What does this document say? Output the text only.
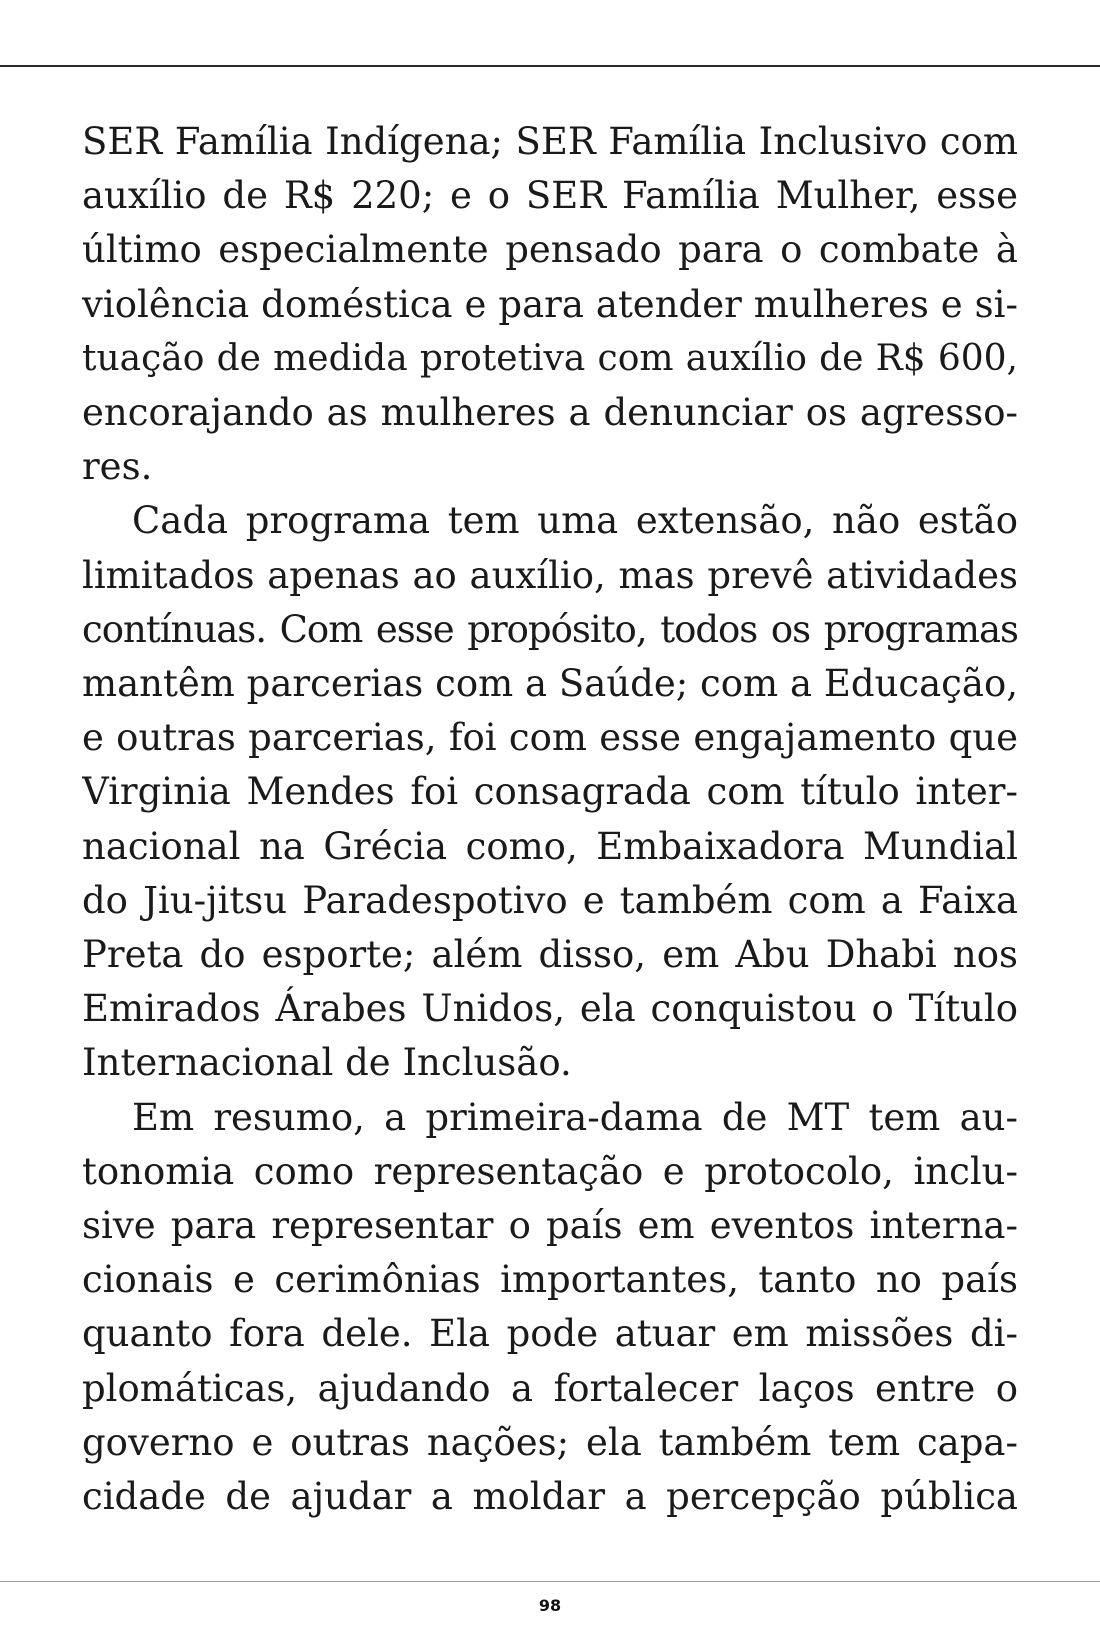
SER Família Indígena; SER Família Inclusivo com
auxílio de R$ 220; e o SER Família Mulher, esse
último especialmente pensado para o combate à
violência doméstica e para atender mulheres e si-
tuação de medida protetiva com auxílio de R$ 600,
encorajando as mulheres a denunciar os agresso-
res.

Cada programa tem uma extensão, não estão
limitados apenas ao auxílio, mas prevê atividades
contínuas. Com esse propósito, todos os programas
mantêm parcerias com a Saúde; com a Educação,
e outras parcerias, foi com esse engajamento que
Virginia Mendes foi consagrada com título inter-
nacional na Grécia como, Embaixadora Mundial
do Jiu-jitsu Paradespotivo e também com a Faixa
Preta do esporte; além disso, em Abu Dhabi nos
Emirados Árabes Unidos, ela conquistou o Título
Internacional de Inclusão.

Em resumo, a primeira-dama de MT tem au-
tonomia como representação e protocolo, inclu-
sive para representar o país em eventos interna-
cionais e cerimônias importantes, tanto no país
quanto fora dele. Ela pode atuar em missões di-
plomáticas, ajudando a fortalecer laços entre o
governo e outras nações; ela também tem capa-
cidade de ajudar a moldar a percepção pública

98
